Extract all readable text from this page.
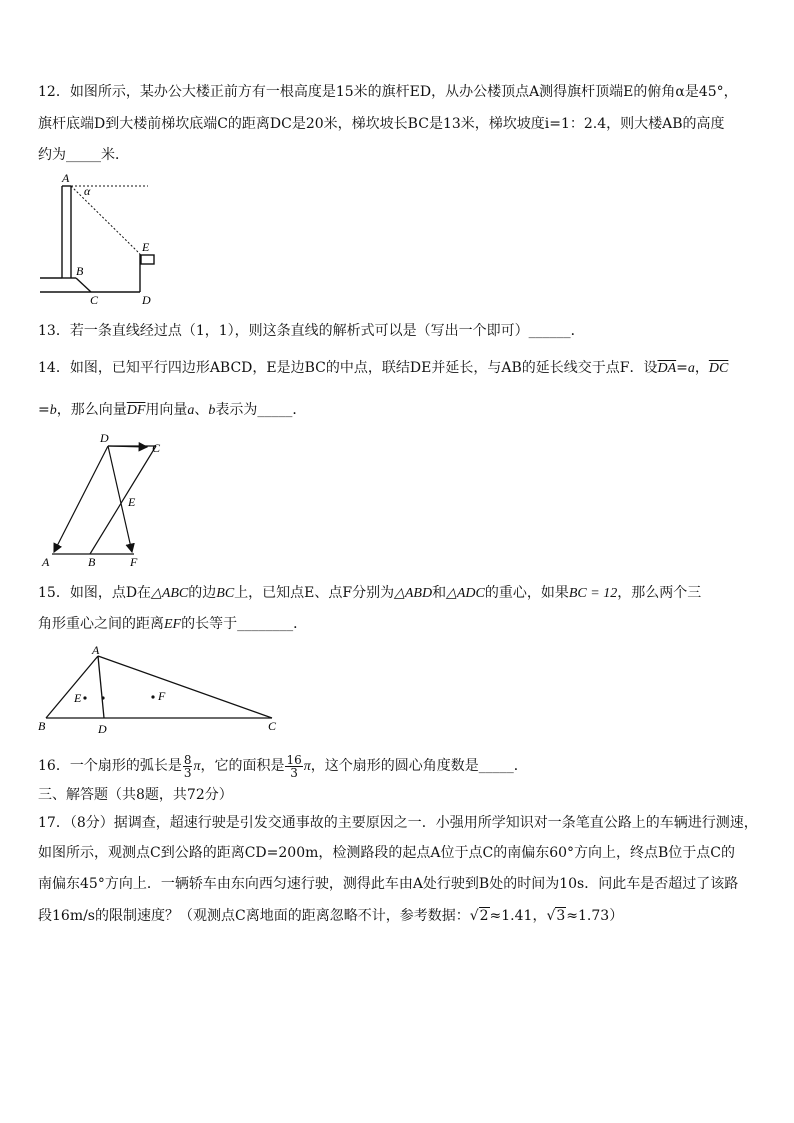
12．如图所示，某办公大楼正前方有一根高度是15米的旗杆ED，从办公楼顶点A测得旗杆顶端E的俯角α是45°，
旗杆底端D到大楼前梯坎底端C的距离DC是20米，梯坎坡长BC是13米，梯坎坡度i=1：2.4，则大楼AB的高度
约为_____米．
A
α
E
B
C	D
13．若一条直线经过点（1，1），则这条直线的解析式可以是（写出一个即可）______．
14．如图，已知平行四边形ABCD，E是边BC的中点，联结DE并延长，与AB的延长线交于点F．设$\overline{DA}=a$，$\overline{DC}$
=b，那么向量$\overline{DF}$用向量a、b表示为_____．
D
C
E
A	B	F
15．如图，点D在△ABC的边BC上，已知点E、点F分别为△ABD和△ADC的重心，如果BC = 12，那么两个三
角形重心之间的距离EF的长等于________．
A
E	F
B	D	C
16．一个扇形的弧长是 $\frac{8}{3}$ π，它的面积是 $\frac{16}{3}$ π，这个扇形的圆心角度数是_____．
三、解答题（共8题，共72分）
17．（8分）据调查，超速行驶是引发交通事故的主要原因之一．小强用所学知识对一条笔直公路上的车辆进行测速，
如图所示，观测点C到公路的距离CD=200m，检测路段的起点A位于点C的南偏东60°方向上，终点B位于点C的
南偏东45°方向上．一辆轿车由东向西匀速行驶，测得此车由A处行驶到B处的时间为10s．问此车是否超过了该路
段16m/s的限制速度？（观测点C离地面的距离忽略不计，参考数据：√2≈1.41，√3≈1.73）
